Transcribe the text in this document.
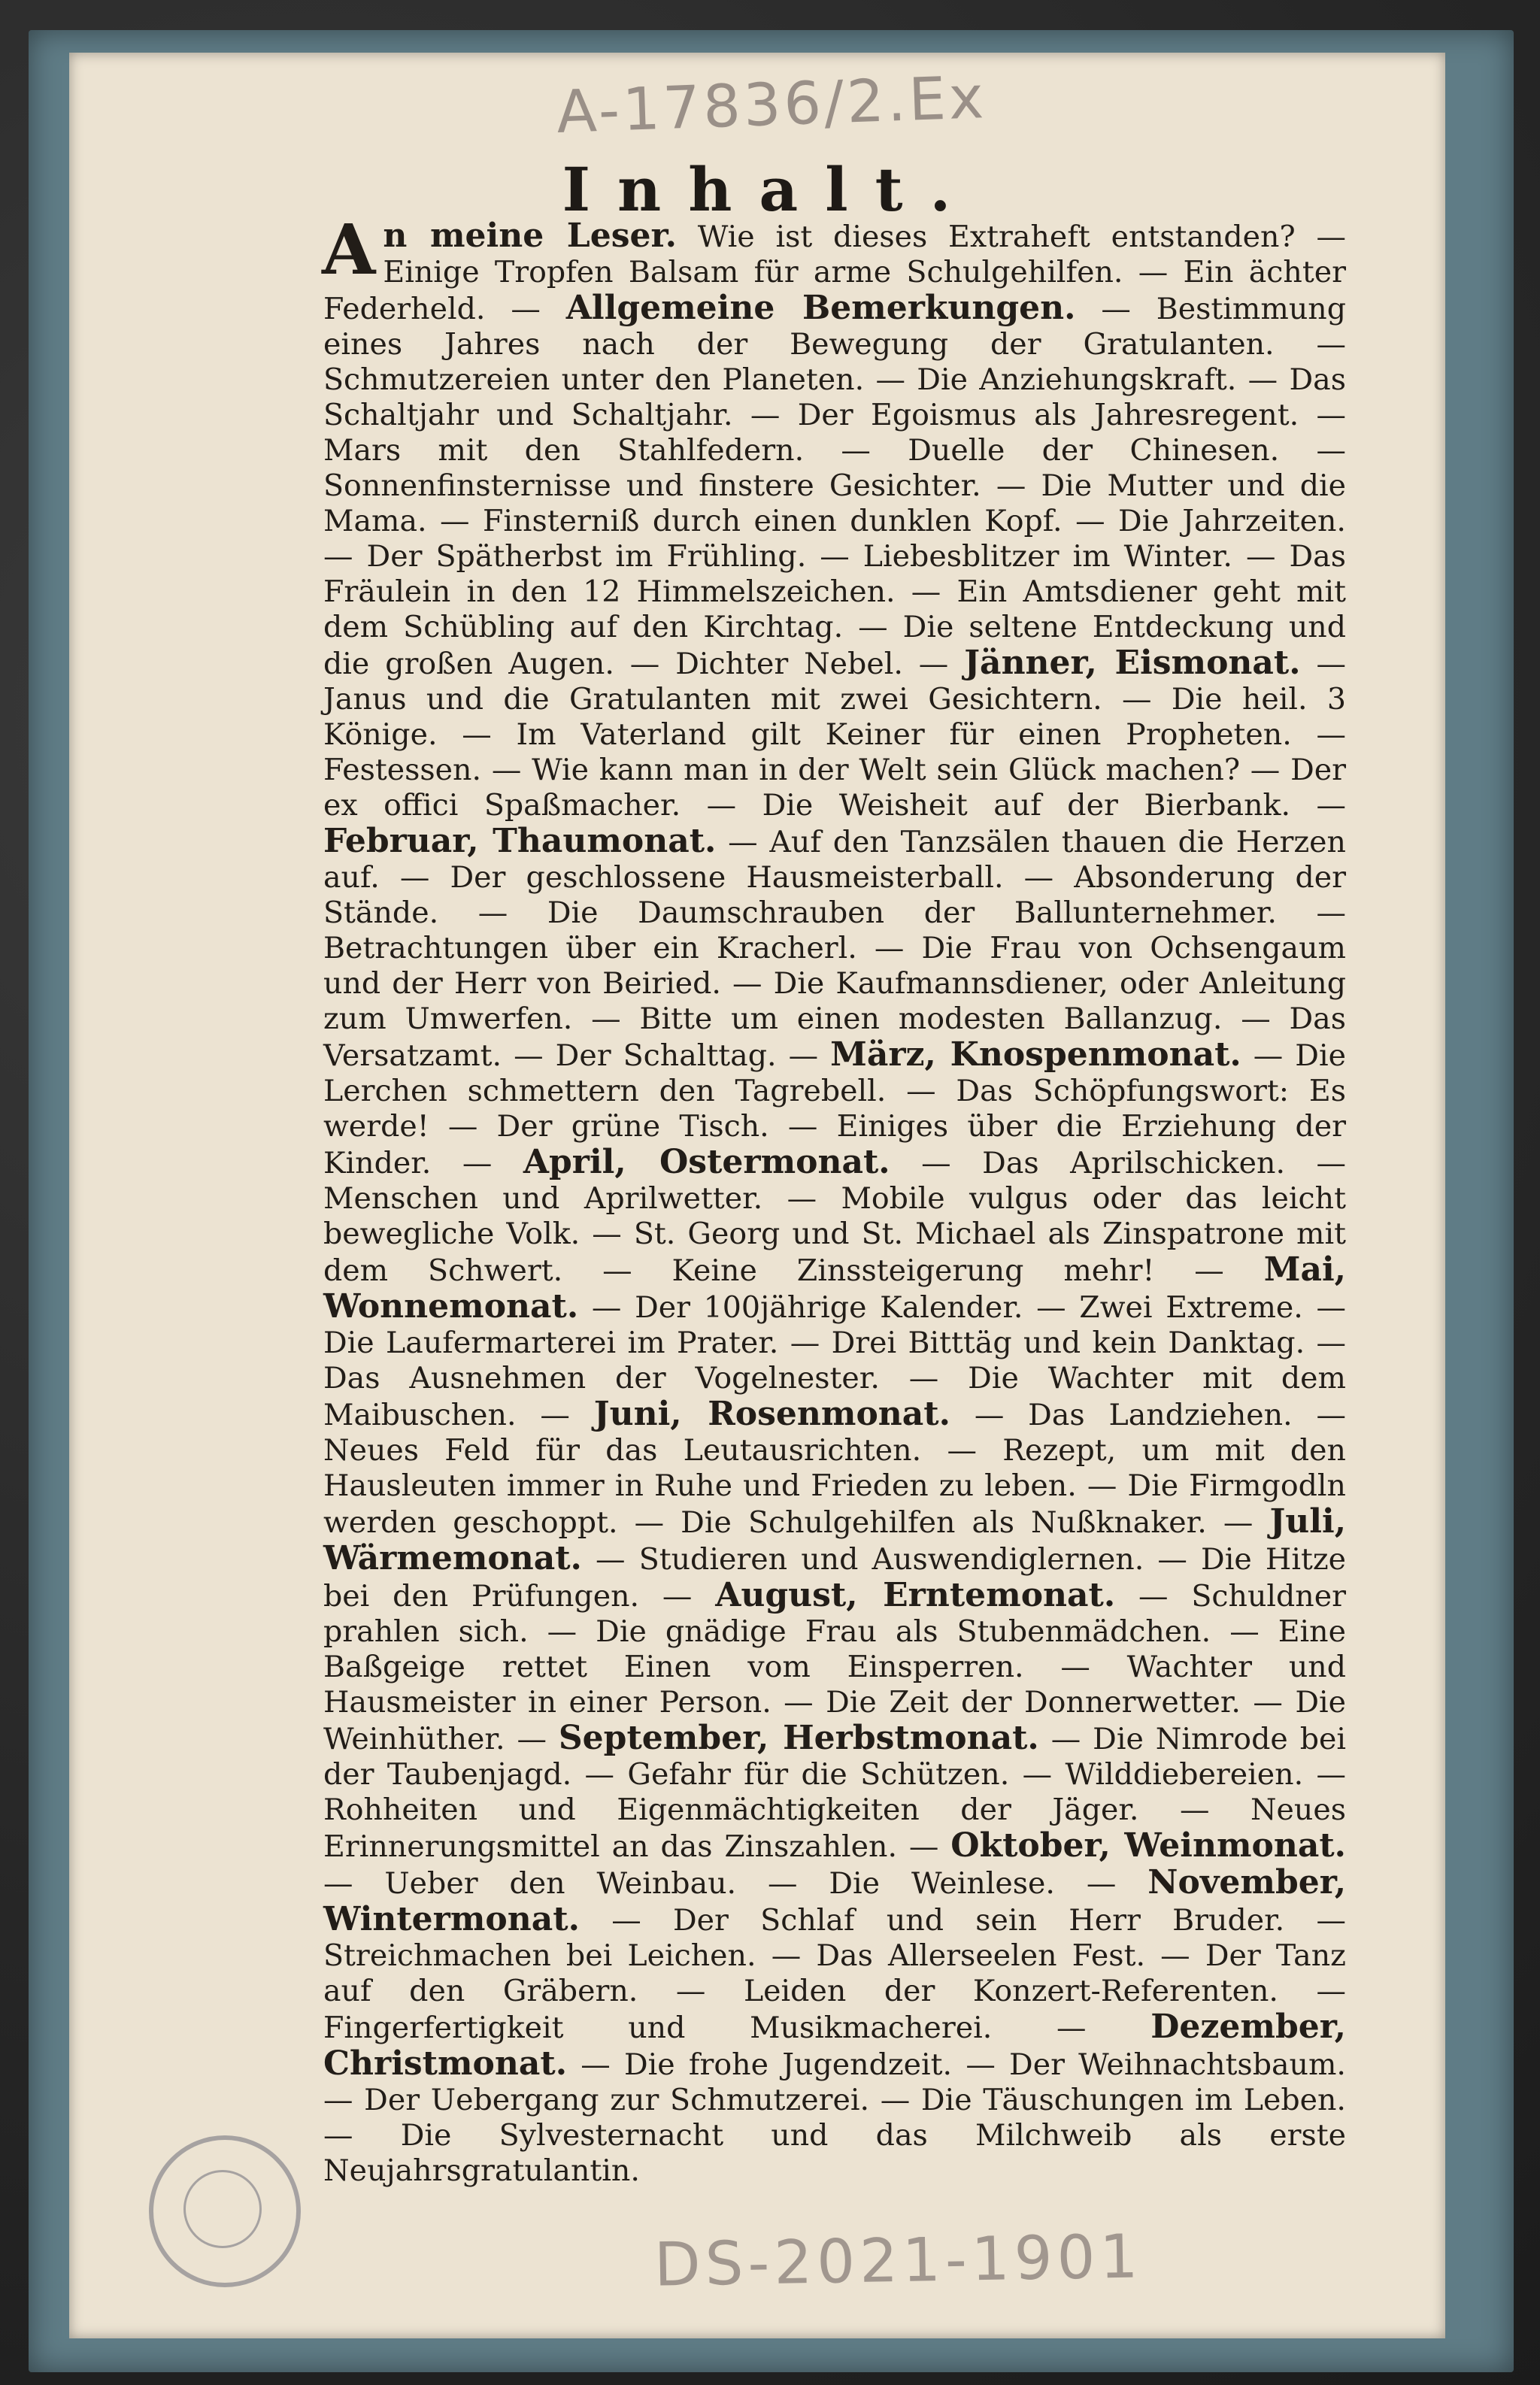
A-17836/2.Ex
Inhalt.
A n meine Leser. Wie ist dieses Extraheft entstanden? — Einige Tropfen Balsam für arme Schulgehilfen. — Ein ächter Federheld. — Allgemeine Bemerkungen. — Bestimmung eines Jahres nach der Bewegung der Gratulanten. — Schmutzereien unter den Planeten. — Die Anziehungskraft. — Das Schaltjahr und Schaltjahr. — Der Egoismus als Jahresregent. — Mars mit den Stahlfedern. — Duelle der Chinesen. — Sonnenfinsternisse und finstere Gesichter. — Die Mutter und die Mama. — Finsterniß durch einen dunklen Kopf. — Die Jahrzeiten. — Der Spätherbst im Frühling. — Liebesblitzer im Winter. — Das Fräulein in den 12 Himmelszeichen. — Ein Amtsdiener geht mit dem Schübling auf den Kirchtag. — Die seltene Entdeckung und die großen Augen. — Dichter Nebel. — Jänner, Eismonat. — Janus und die Gratulanten mit zwei Gesichtern. — Die heil. 3 Könige. — Im Vaterland gilt Keiner für einen Propheten. — Festessen. — Wie kann man in der Welt sein Glück machen? — Der ex offici Spaßmacher. — Die Weisheit auf der Bierbank. — Februar, Thaumonat. — Auf den Tanzsälen thauen die Herzen auf. — Der geschlossene Hausmeisterball. — Absonderung der Stände. — Die Daumschrauben der Ballunternehmer. — Betrachtungen über ein Kracherl. — Die Frau von Ochsengaum und der Herr von Beiried. — Die Kaufmannsdiener, oder Anleitung zum Umwerfen. — Bitte um einen modesten Ballanzug. — Das Versatzamt. — Der Schalttag. — März, Knospenmonat. — Die Lerchen schmettern den Tagrebell. — Das Schöpfungswort: Es werde! — Der grüne Tisch. — Einiges über die Erziehung der Kinder. — April, Ostermonat. — Das Aprilschicken. — Menschen und Aprilwetter. — Mobile vulgus oder das leicht bewegliche Volk. — St. Georg und St. Michael als Zinspatrone mit dem Schwert. — Keine Zinssteigerung mehr! — Mai, Wonnemonat. — Der 100jährige Kalender. — Zwei Extreme. — Die Laufermarterei im Prater. — Drei Bitttäg und kein Danktag. — Das Ausnehmen der Vogelnester. — Die Wachter mit dem Maibuschen. — Juni, Rosenmonat. — Das Landziehen. — Neues Feld für das Leutausrichten. — Rezept, um mit den Hausleuten immer in Ruhe und Frieden zu leben. — Die Firmgodln werden geschoppt. — Die Schulgehilfen als Nußknaker. — Juli, Wärmemonat. — Studieren und Auswendiglernen. — Die Hitze bei den Prüfungen. — August, Erntemonat. — Schuldner prahlen sich. — Die gnädige Frau als Stubenmädchen. — Eine Baßgeige rettet Einen vom Einsperren. — Wachter und Hausmeister in einer Person. — Die Zeit der Donnerwetter. — Die Weinhüther. — September, Herbstmonat. — Die Nimrode bei der Taubenjagd. — Gefahr für die Schützen. — Wilddiebereien. — Rohheiten und Eigenmächtigkeiten der Jäger. — Neues Erinnerungsmittel an das Zinszahlen. — Oktober, Weinmonat. — Ueber den Weinbau. — Die Weinlese. — November, Wintermonat. — Der Schlaf und sein Herr Bruder. — Streichmachen bei Leichen. — Das Allerseelen Fest. — Der Tanz auf den Gräbern. — Leiden der Konzert-Referenten. — Fingerfertigkeit und Musikmacherei. — Dezember, Christmonat. — Die frohe Jugendzeit. — Der Weihnachtsbaum. — Der Uebergang zur Schmutzerei. — Die Täuschungen im Leben. — Die Sylvesternacht und das Milchweib als erste Neujahrsgratulantin.
DS-2021-1901
